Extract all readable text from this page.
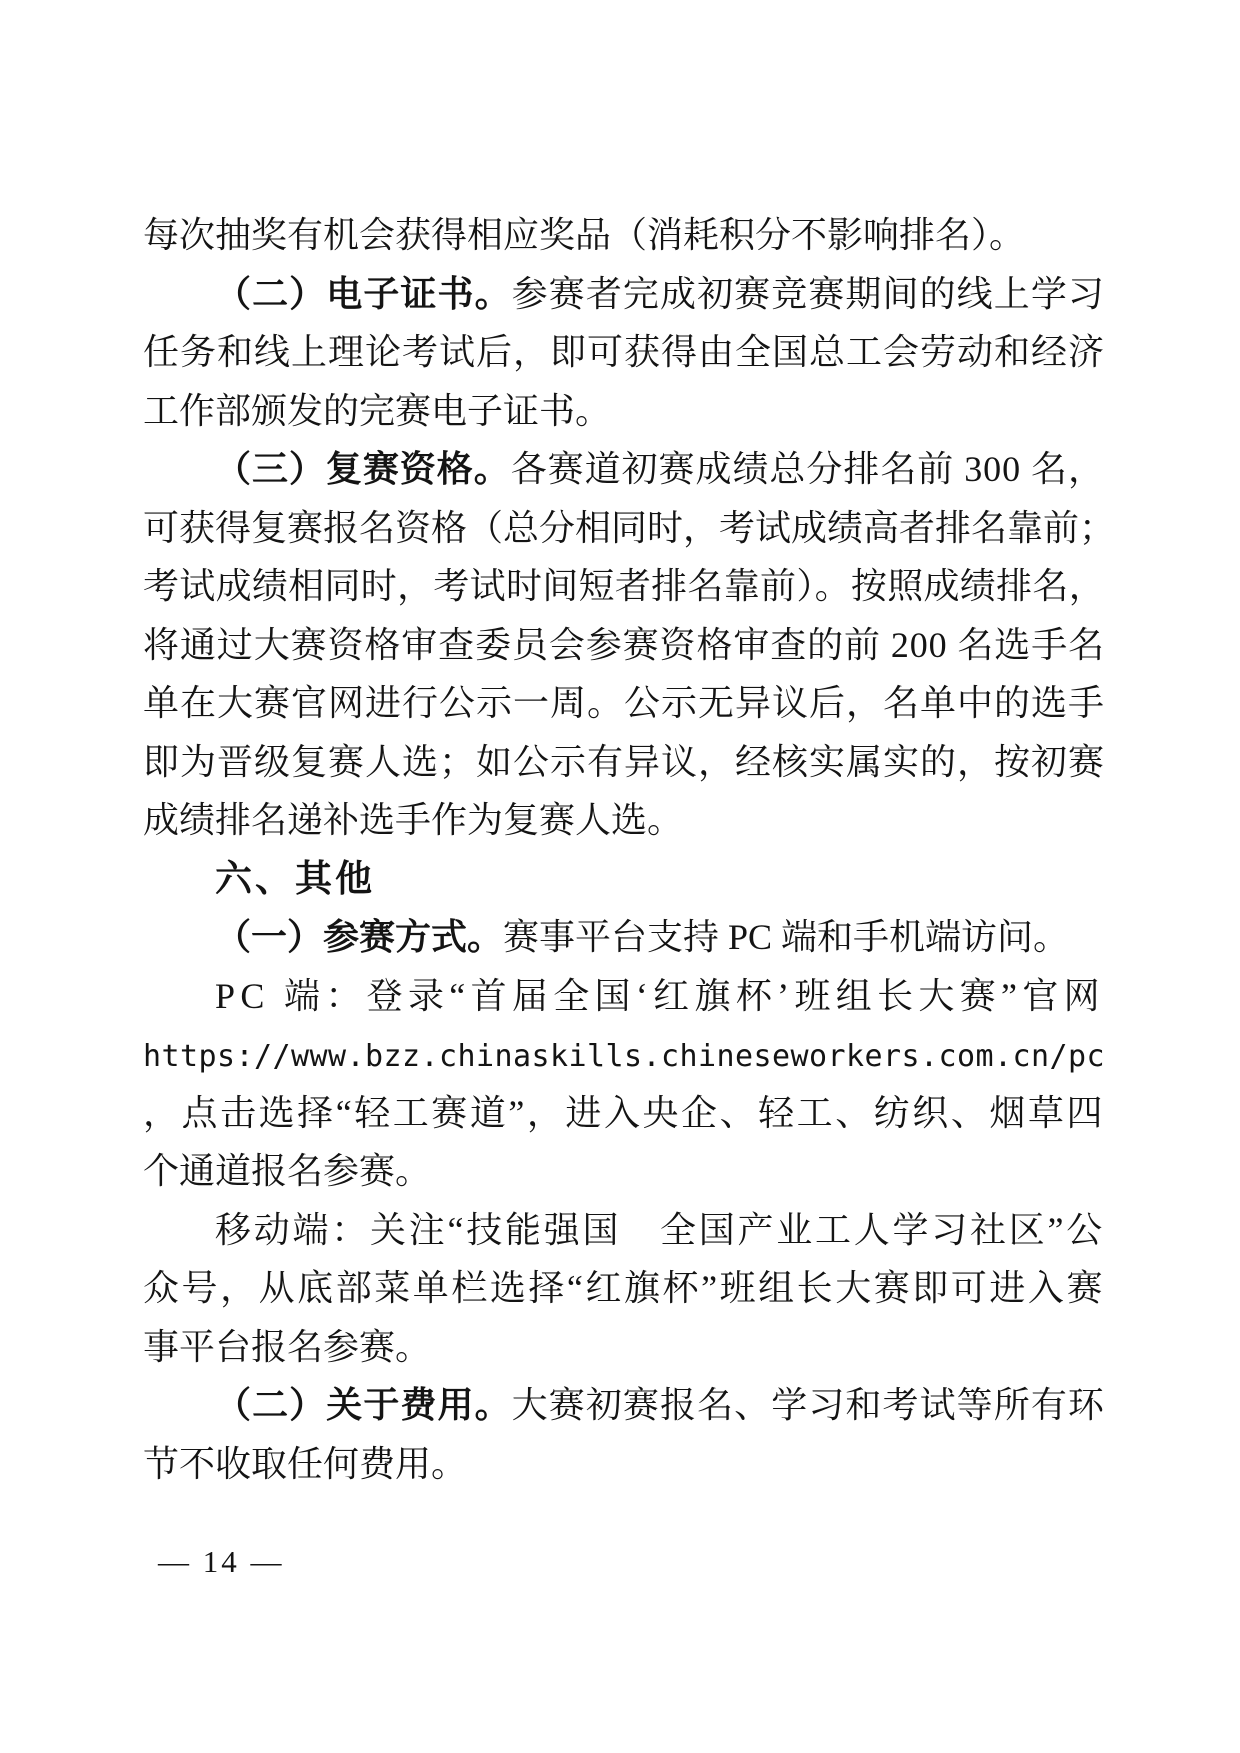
每次抽奖有机会获得相应奖品（消耗积分不影响排名）。
（二）电子证书。参赛者完成初赛竞赛期间的线上学习
任务和线上理论考试后，即可获得由全国总工会劳动和经济
工作部颁发的完赛电子证书。
（三）复赛资格。各赛道初赛成绩总分排名前 300 名，
可获得复赛报名资格（总分相同时，考试成绩高者排名靠前；
考试成绩相同时，考试时间短者排名靠前）。按照成绩排名，
将通过大赛资格审查委员会参赛资格审查的前 200 名选手名
单在大赛官网进行公示一周。公示无异议后，名单中的选手
即为晋级复赛人选；如公示有异议，经核实属实的，按初赛
成绩排名递补选手作为复赛人选。
六、其他
（一）参赛方式。赛事平台支持 PC 端和手机端访问。
PC 端：登录“首届全国‘红旗杯’班组长大赛”官网
https://www.bzz.chinaskills.chineseworkers.com.cn/pc
，点击选择“轻工赛道”，进入央企、轻工、纺织、烟草四
个通道报名参赛。
移动端：关注“技能强国　全国产业工人学习社区”公
众号，从底部菜单栏选择“红旗杯”班组长大赛即可进入赛
事平台报名参赛。
（二）关于费用。大赛初赛报名、学习和考试等所有环
节不收取任何费用。
— 14 —
